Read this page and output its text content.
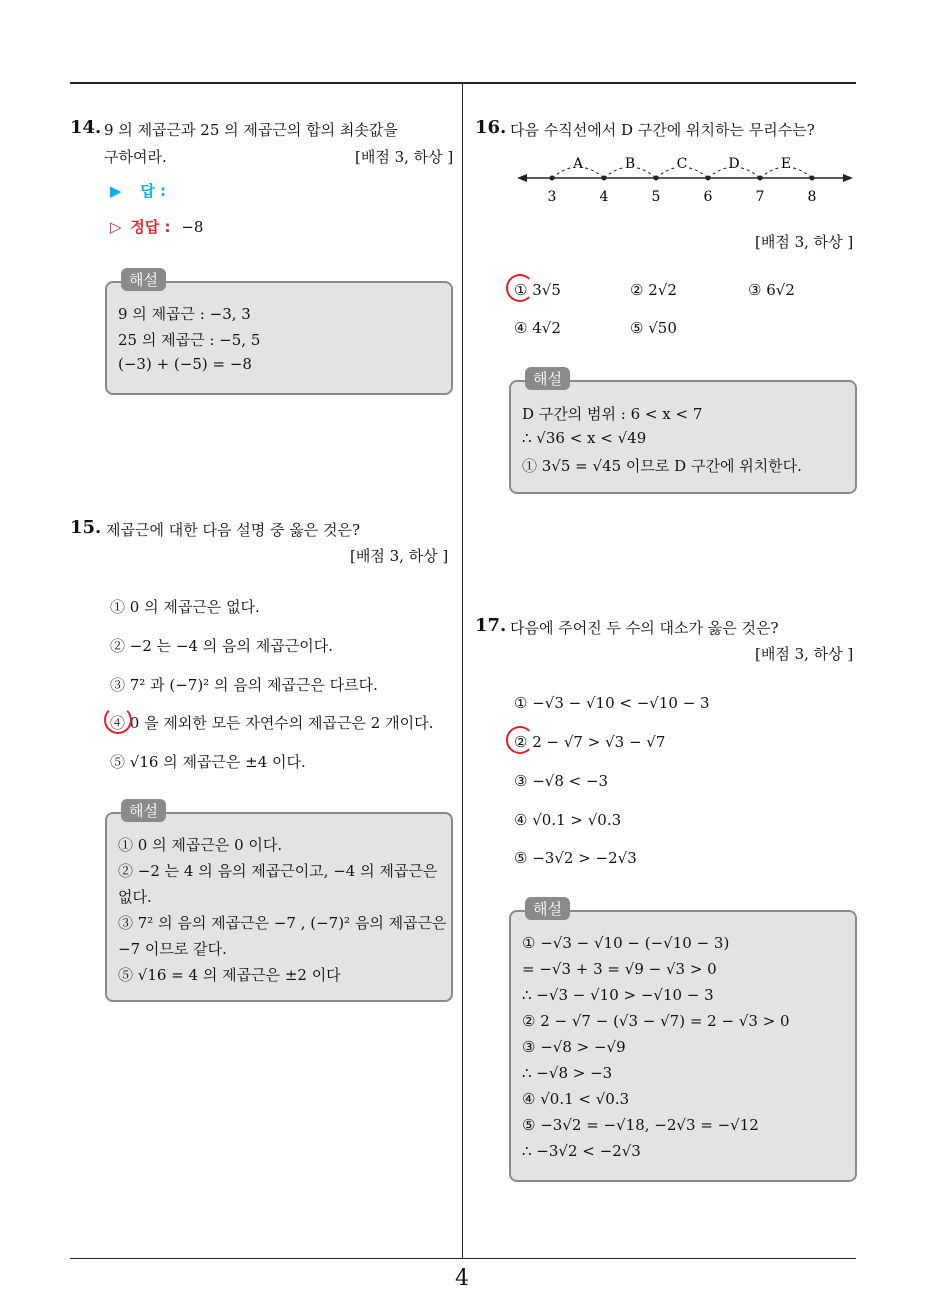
4
14. 9 의 제곱근과 25 의 제곱근의 합의 최솟값을
구하여라.	[배점 3, 하상 ]
▶ 답 :
▷ 정답 : −8
해설
9 의 제곱근 : −3, 3
25 의 제곱근 : −5, 5
(−3) + (−5) = −8
15. 제곱근에 대한 다음 설명 중 옳은 것은?
[배점 3, 하상 ]
① 0 의 제곱근은 없다.
② −2 는 −4 의 음의 제곱근이다.
③ 7² 과 (−7)² 의 음의 제곱근은 다르다.
④ 0 을 제외한 모든 자연수의 제곱근은 2 개이다.
⑤ √16 의 제곱근은 ±4 이다.
해설
① 0 의 제곱근은 0 이다.
② −2 는 4 의 음의 제곱근이고, −4 의 제곱근은
없다.
③ 7² 의 음의 제곱근은 −7 , (−7)² 음의 제곱근은
−7 이므로 같다.
⑤ √16 = 4 의 제곱근은 ±2 이다
16. 다음 수직선에서 D 구간에 위치하는 무리수는?
3	4	5	6	7	8
A	B	C	D	E
[배점 3, 하상 ]
① 3√5	② 2√2	③ 6√2
④ 4√2	⑤ √50
해설
D 구간의 범위 : 6 < x < 7
∴ √36 < x < √49
① 3√5 = √45 이므로 D 구간에 위치한다.
17. 다음에 주어진 두 수의 대소가 옳은 것은?
[배점 3, 하상 ]
① −√3 − √10 < −√10 − 3
② 2 − √7 > √3 − √7
③ −√8 < −3
④ √0.1 > √0.3
⑤ −3√2 > −2√3
해설
① −√3 − √10 − (−√10 − 3)
= −√3 + 3 = √9 − √3 > 0
∴ −√3 − √10 > −√10 − 3
② 2 − √7 − (√3 − √7) = 2 − √3 > 0
③ −√8 > −√9
∴ −√8 > −3
④ √0.1 < √0.3
⑤ −3√2 = −√18, −2√3 = −√12
∴ −3√2 < −2√3
